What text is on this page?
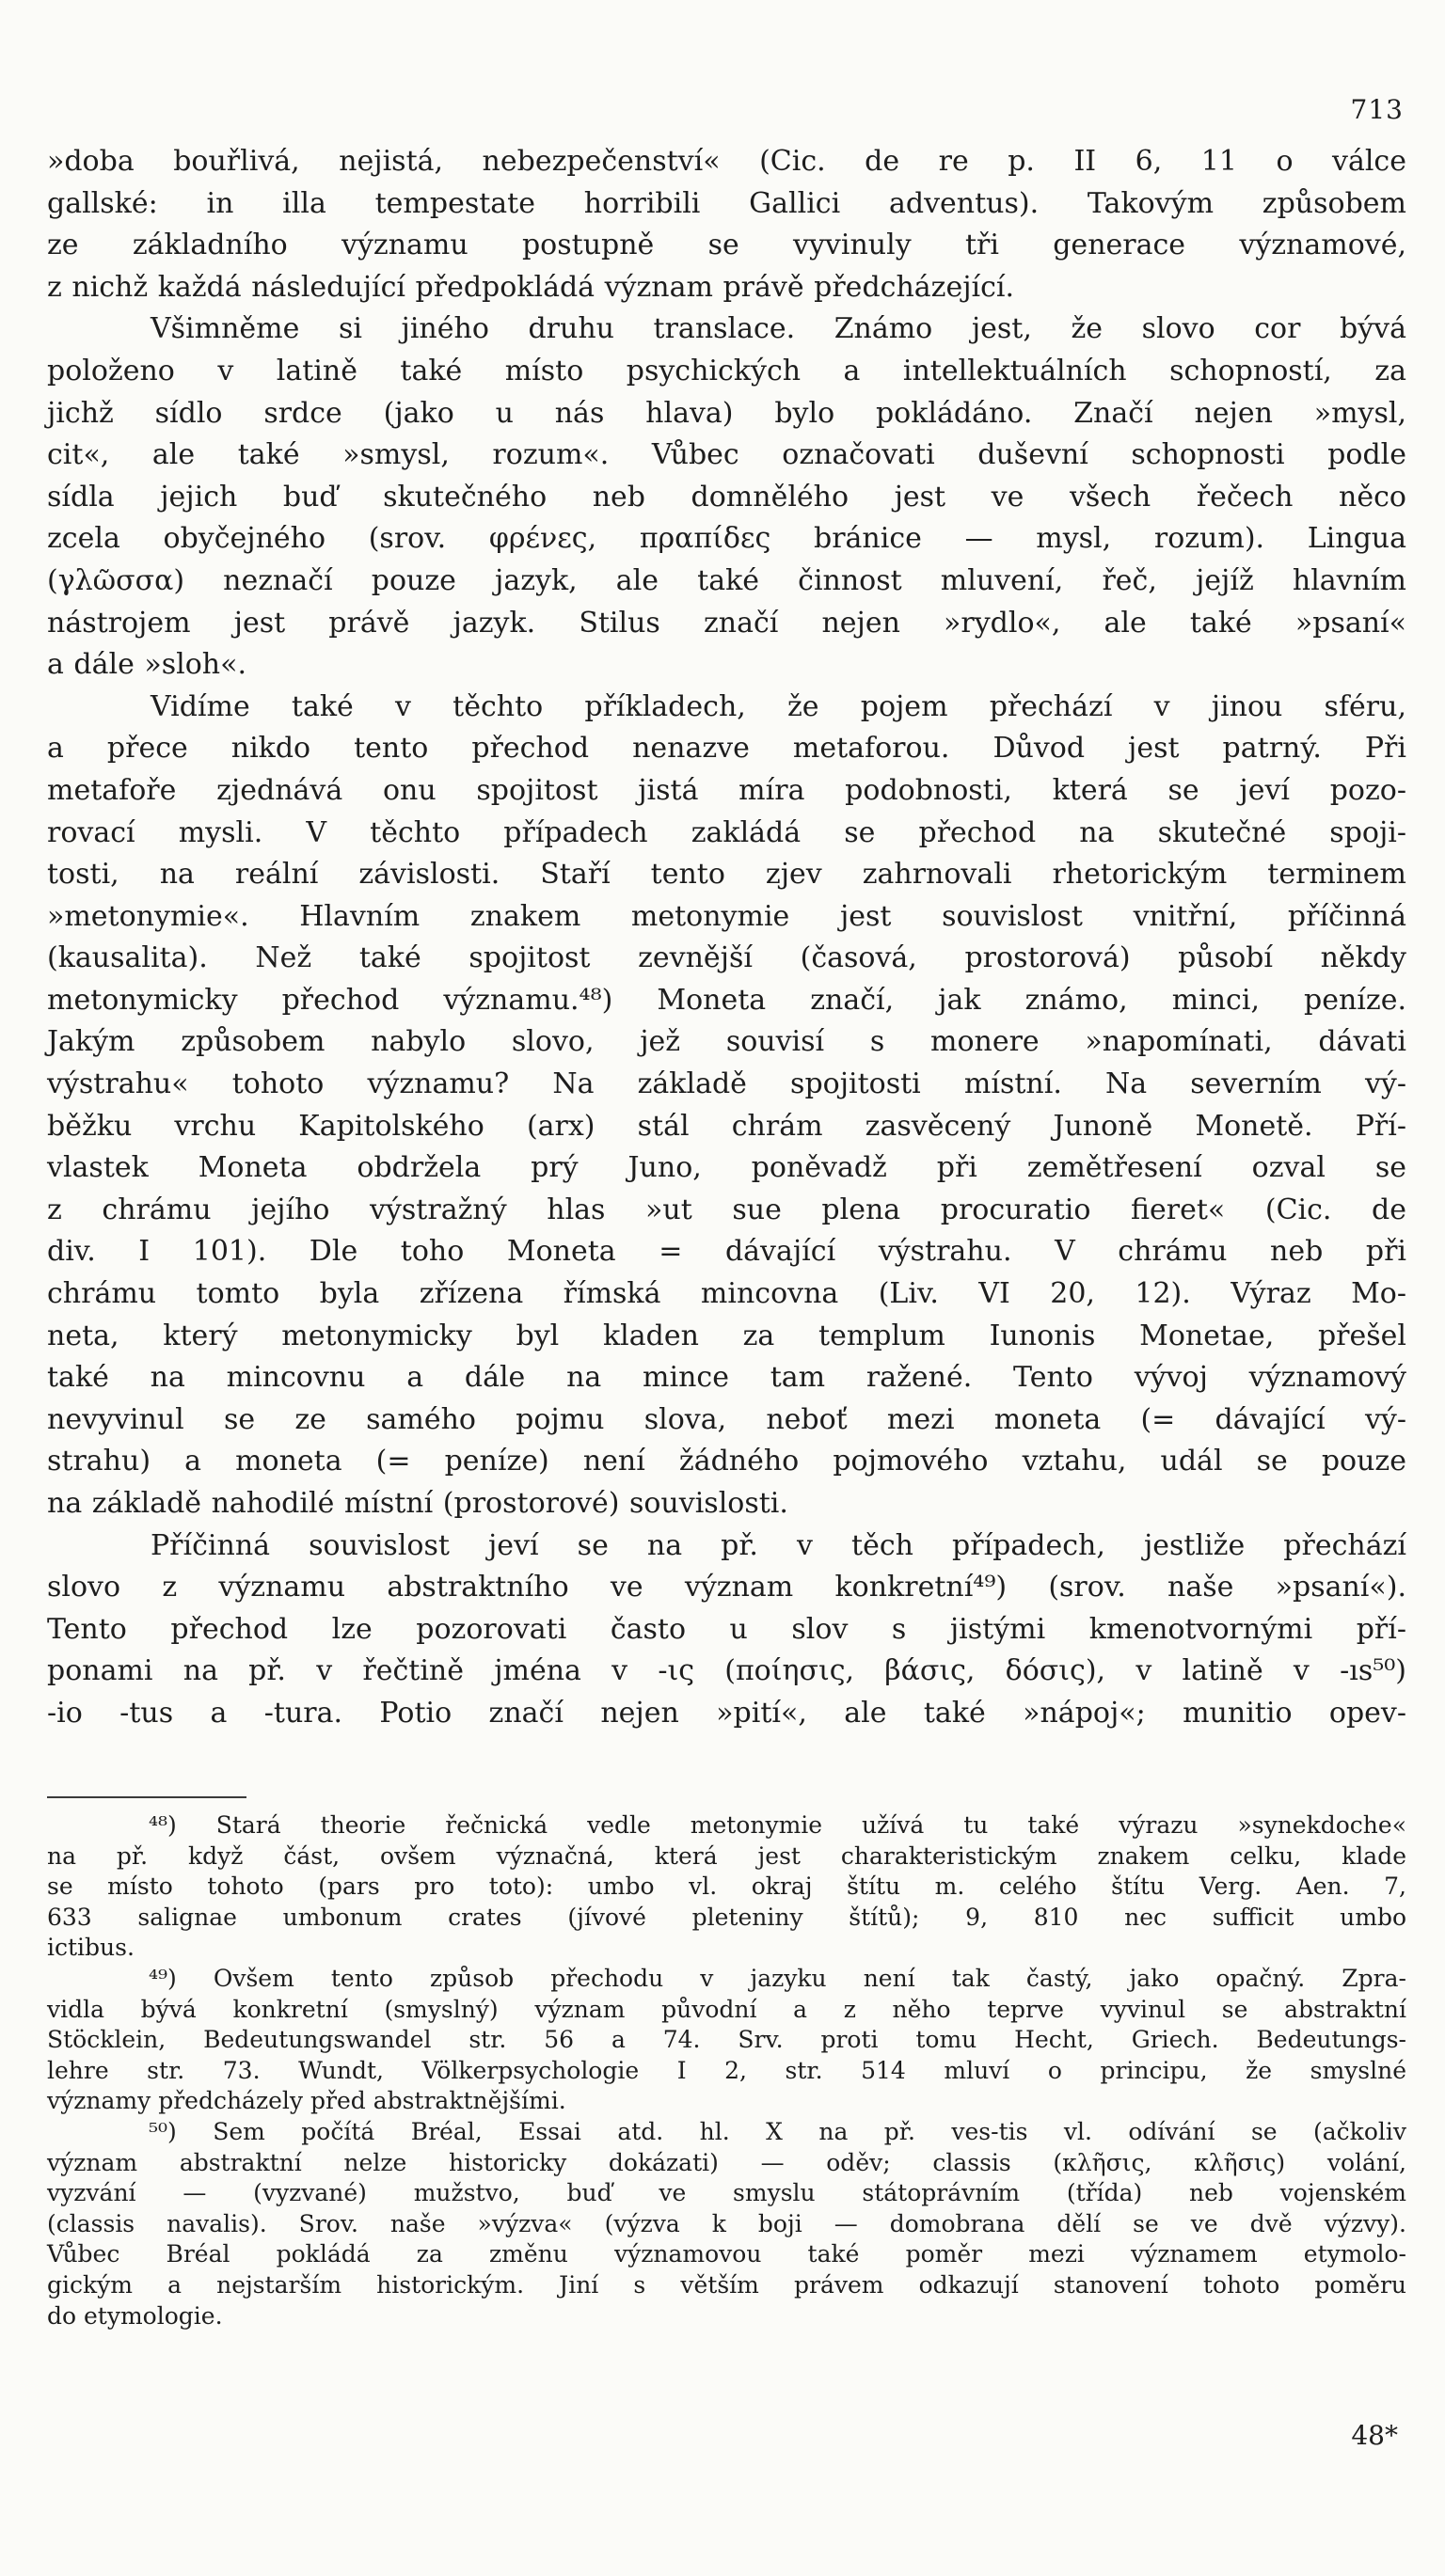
713
»doba bouřlivá, nejistá, nebezpečenství« (Cic. de re p. II 6, 11 o válce
gallské: in illa tempestate horribili Gallici adventus). Takovým způsobem
ze základního významu postupně se vyvinuly tři generace významové,
z nichž každá následující předpokládá význam právě předcházející.
Všimněme si jiného druhu translace. Známo jest, že slovo cor bývá
položeno v latině také místo psychických a intellektuálních schopností, za
jichž sídlo srdce (jako u nás hlava) bylo pokládáno. Značí nejen »mysl,
cit«, ale také »smysl, rozum«. Vůbec označovati duševní schopnosti podle
sídla jejich buď skutečného neb domnělého jest ve všech řečech něco
zcela obyčejného (srov. φρένες, πραπίδες bránice — mysl, rozum). Lingua
(γλῶσσα) neznačí pouze jazyk, ale také činnost mluvení, řeč, jejíž hlavním
nástrojem jest právě jazyk. Stilus značí nejen »rydlo«, ale také »psaní«
a dále »sloh«.
Vidíme také v těchto příkladech, že pojem přechází v jinou sféru,
a přece nikdo tento přechod nenazve metaforou. Důvod jest patrný. Při
metafoře zjednává onu spojitost jistá míra podobnosti, která se jeví pozo-
rovací mysli. V těchto případech zakládá se přechod na skutečné spoji-
tosti, na reální závislosti. Staří tento zjev zahrnovali rhetorickým terminem
»metonymie«. Hlavním znakem metonymie jest souvislost vnitřní, příčinná
(kausalita). Než také spojitost zevnější (časová, prostorová) působí někdy
metonymicky přechod významu.⁴⁸) Moneta značí, jak známo, minci, peníze.
Jakým způsobem nabylo slovo, jež souvisí s monere »napomínati, dávati
výstrahu« tohoto významu? Na základě spojitosti místní. Na severním vý-
běžku vrchu Kapitolského (arx) stál chrám zasvěcený Junoně Monetě. Pří-
vlastek Moneta obdržela prý Juno, poněvadž při zemětřesení ozval se
z chrámu jejího výstražný hlas »ut sue plena procuratio fieret« (Cic. de
div. I 101). Dle toho Moneta = dávající výstrahu. V chrámu neb při
chrámu tomto byla zřízena římská mincovna (Liv. VI 20, 12). Výraz Mo-
neta, který metonymicky byl kladen za templum Iunonis Monetae, přešel
také na mincovnu a dále na mince tam ražené. Tento vývoj významový
nevyvinul se ze samého pojmu slova, neboť mezi moneta (= dávající vý-
strahu) a moneta (= peníze) není žádného pojmového vztahu, udál se pouze
na základě nahodilé místní (prostorové) souvislosti.
Příčinná souvislost jeví se na př. v těch případech, jestliže přechází
slovo z významu abstraktního ve význam konkretní⁴⁹) (srov. naše »psaní«).
Tento přechod lze pozorovati často u slov s jistými kmenotvornými pří-
ponami na př. v řečtině jména v -ις (ποίησις, βάσις, δόσις), v latině v -ıs⁵⁰)
-io -tus a -tura. Potio značí nejen »pití«, ale také »nápoj«; munitio opev-
⁴⁸) Stará theorie řečnická vedle metonymie užívá tu také výrazu »synekdoche«
na př. když část, ovšem význačná, která jest charakteristickým znakem celku, klade
se místo tohoto (pars pro toto): umbo vl. okraj štítu m. celého štítu Verg. Aen. 7,
633 salignae umbonum crates (jívové pleteniny štítů); 9, 810 nec sufficit umbo
ictibus.
⁴⁹) Ovšem tento způsob přechodu v jazyku není tak častý, jako opačný. Zpra-
vidla bývá konkretní (smyslný) význam původní a z něho teprve vyvinul se abstraktní
Stöcklein, Bedeutungswandel str. 56 a 74. Srv. proti tomu Hecht, Griech. Bedeutungs-
lehre str. 73. Wundt, Völkerpsychologie I 2, str. 514 mluví o principu, že smyslné
významy předcházely před abstraktnějšími.
⁵⁰) Sem počítá Bréal, Essai atd. hl. X na př. ves-tis vl. odívání se (ačkoliv
význam abstraktní nelze historicky dokázati) — oděv; classis (κλῆσις, κλῆσις) volání,
vyzvání — (vyzvané) mužstvo, buď ve smyslu státoprávním (třída) neb vojenském
(classis navalis). Srov. naše »výzva« (výzva k boji — domobrana dělí se ve dvě výzvy).
Vůbec Bréal pokládá za změnu významovou také poměr mezi významem etymolo-
gickým a nejstarším historickým. Jiní s větším právem odkazují stanovení tohoto poměru
do etymologie.
48*
